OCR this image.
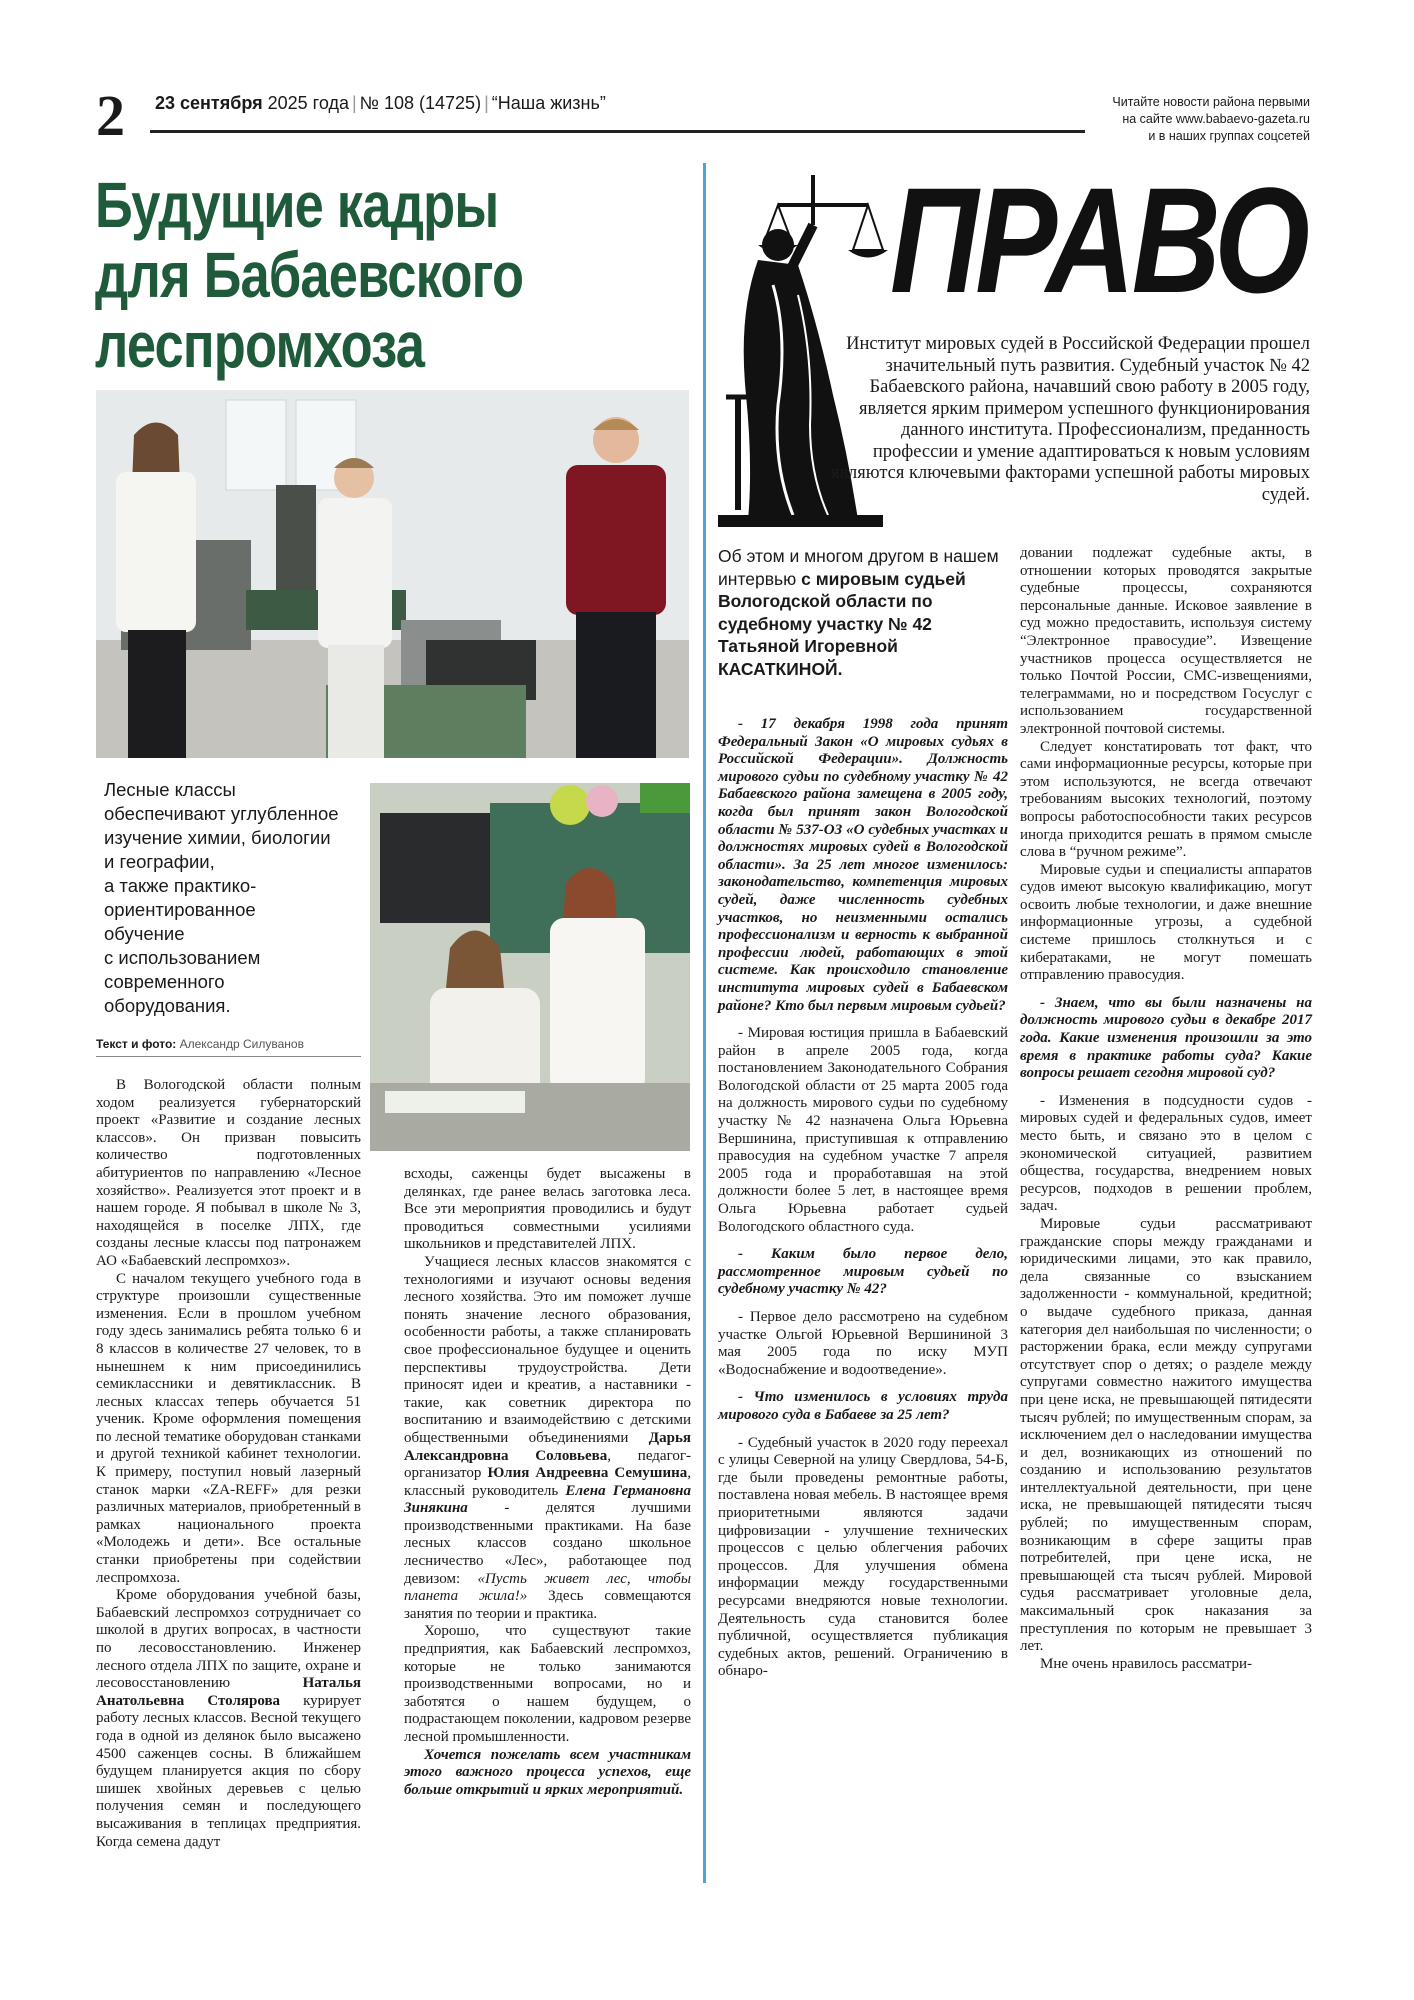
2 23 сентября 2025 года | № 108 (14725) | “Наша жизнь”	Читайте новости района первыми
на сайте www.babaevo-gazeta.ru
и в наших группах соцсетей
Будущие кадры
для Бабаевского
леспромхоза
Лесные классы
обеспечивают углубленное
изучение химии, биологии
и географии,
а также практико-
ориентированное
обучение
с использованием
современного
оборудования.
Текст и фото: Александр Силуванов

В Вологодской области полным ходом реализуется губернаторский проект «Развитие и создание лесных классов». Он призван повысить количество подготовленных абитуриентов по направлению «Лесное хозяйство». Реализуется этот проект и в нашем городе. Я побывал в школе № 3, находящейся в поселке ЛПХ, где созданы лесные классы под патронажем АО «Бабаевский леспромхоз».

С началом текущего учебного года в структуре произошли существенные изменения. Если в прошлом учебном году здесь занимались ребята только 6 и 8 классов в количестве 27 человек, то в нынешнем к ним присоединились семиклассники и девятиклассник. В лесных классах теперь обучается 51 ученик. Кроме оформления помещения по лесной тематике оборудован станками и другой техникой кабинет технологии. К примеру, поступил новый лазерный станок марки «ZA-REFF» для резки различных материалов, приобретенный в рамках национального проекта «Молодежь и дети». Все остальные станки приобретены при содействии леспромхоза.

Кроме оборудования учебной базы, Бабаевский леспромхоз сотрудничает со школой в других вопросах, в частности по лесовосстановлению. Инженер лесного отдела ЛПХ по защите, охране и лесовосстановлению	Наталья Анатольевна Столярова курирует работу лесных классов. Весной текущего года в одной из делянок было высажено 4500 саженцев сосны. В ближайшем будущем планируется акция по сбору шишек хвойных деревьев с целью получения семян и последующего высаживания в теплицах предприятия. Когда семена дадут

всходы, саженцы будет высажены в делянках, где ранее велась заготовка леса. Все эти мероприятия проводились и будут проводиться совместными усилиями школьников и представителей ЛПХ.

Учащиеся лесных классов знакомятся с технологиями и изучают основы ведения лесного хозяйства. Это им поможет лучше понять значение лесного образования, особенности работы, а также спланировать свое профессиональное будущее и оценить перспективы трудоустройства. Дети приносят идеи и креатив, а наставники - такие, как советник директора по воспитанию и взаимодействию с детскими общественными объединениями Дарья Александровна Соловьева, педагог-организатор Юлия Андреевна Семушина, классный руководитель Елена Германовна Зинякина - делятся лучшими производственными практиками. На базе лесных классов создано школьное лесничество «Лес», работающее под девизом: «Пусть живет лес, чтобы планета жила!» Здесь совмещаются занятия по теории и практика.

Хорошо, что существуют такие предприятия, как Бабаевский леспромхоз, которые не только занимаются производственными вопросами, но и заботятся о нашем будущем, о подрастающем поколении, кадровом резерве лесной промышленности.

Хочется пожелать всем участникам этого важного процесса успехов, еще больше открытий и ярких мероприятий.

ПРАВО
Институт мировых судей в Российской Федерации прошел значительный путь развития. Судебный участок № 42 Бабаевского района, начавший свою работу в 2005 году, является ярким примером успешного функционирования данного института. Профессионализм, преданность профессии и умение адаптироваться к новым условиям являются ключевыми факторами успешной работы мировых судей.
Об этом и многом другом в нашем интервью с мировым судьей Вологодской области по судебному участку № 42 Татьяной Игоревной КАСАТКИНОЙ.

- 17 декабря 1998 года принят Федеральный Закон «О мировых судьях в Российской Федерации». Должность мирового судьи по судебному участку № 42 Бабаевского района замещена в 2005 году, когда был принят закон Вологодской области № 537-ОЗ «О судебных участках и должностях мировых судей в Вологодской области». За 25 лет многое изменилось: законодательство, компетенция мировых судей, даже численность судебных участков, но неизменными остались профессионализм и верность к выбранной профессии людей, работающих в этой системе. Как происходило становление института мировых судей в Бабаевском районе? Кто был первым мировым судьей?

- Мировая юстиция пришла в Бабаевский район в апреле 2005 года, когда постановлением Законодательного Собрания Вологодской области от 25 марта 2005 года на должность мирового судьи по судебному участку № 42 назначена Ольга Юрьевна Вершинина, приступившая к отправлению правосудия на судебном участке 7 апреля 2005 года и проработавшая на этой должности более 5 лет, в настоящее время Ольга Юрьевна работает судьей Вологодского областного суда.

- Каким было первое дело, рассмотренное мировым судьей по судебному участку № 42?

- Первое дело рассмотрено на судебном участке Ольгой Юрьевной Вершининой 3 мая 2005 года по иску МУП «Водоснабжение и водоотведение».

- Что изменилось в условиях труда мирового суда в Бабаеве за 25 лет?

- Судебный участок в 2020 году переехал с улицы Северной на улицу Свердлова, 54-Б, где были проведены ремонтные работы, поставлена новая мебель. В настоящее время приоритетными являются задачи цифровизации - улучшение технических процессов с целью облегчения рабочих процессов. Для улучшения обмена информации между государственными ресурсами внедряются новые технологии. Деятельность суда становится более публичной, осуществляется публикация судебных актов, решений. Ограничению в обнаро-

довании подлежат судебные акты, в отношении которых проводятся закрытые судебные процессы, сохраняются персональные данные. Исковое заявление в суд можно предоставить, используя систему “Электронное правосудие”. Извещение участников процесса осуществляется не только Почтой России, СМС-извещениями, телеграммами, но и посредством Госуслуг с использованием государственной электронной почтовой системы.

Следует констатировать тот факт, что сами информационные ресурсы, которые при этом используются, не всегда отвечают требованиям высоких технологий, поэтому вопросы работоспособности таких ресурсов иногда приходится решать в прямом смысле слова в “ручном режиме”.

Мировые судьи и специалисты аппаратов судов имеют высокую квалификацию, могут освоить любые технологии, и даже внешние информационные угрозы, а судебной системе пришлось столкнуться и с кибератаками, не могут помешать отправлению правосудия.

- Знаем, что вы были назначены на должность мирового судьи в декабре 2017 года. Какие изменения произошли за это время в практике работы суда? Какие вопросы решает сегодня мировой суд?

- Изменения в подсудности судов - мировых судей и федеральных судов, имеет место быть, и связано это в целом с экономической ситуацией, развитием общества, государства, внедрением новых ресурсов, подходов в решении проблем, задач.

Мировые судьи рассматривают гражданские споры между гражданами и юридическими лицами, это как правило, дела связанные со взысканием задолженности - коммунальной, кредитной; о выдаче судебного приказа, данная категория дел наибольшая по численности; о расторжении брака, если между супругами отсутствует спор о детях; о разделе между супругами совместно нажитого имущества при цене иска, не превышающей пятидесяти тысяч рублей; по имущественным спорам, за исключением дел о наследовании имущества и дел, возникающих из отношений по созданию и использованию результатов интеллектуальной деятельности, при цене иска, не превышающей пятидесяти тысяч рублей; по имущественным спорам, возникающим в сфере защиты прав потребителей, при цене иска, не превышающей ста тысяч рублей. Мировой судья рассматривает уголовные дела, максимальный срок наказания за преступления по которым не превышает 3 лет.

Мне очень нравилось рассматри-
